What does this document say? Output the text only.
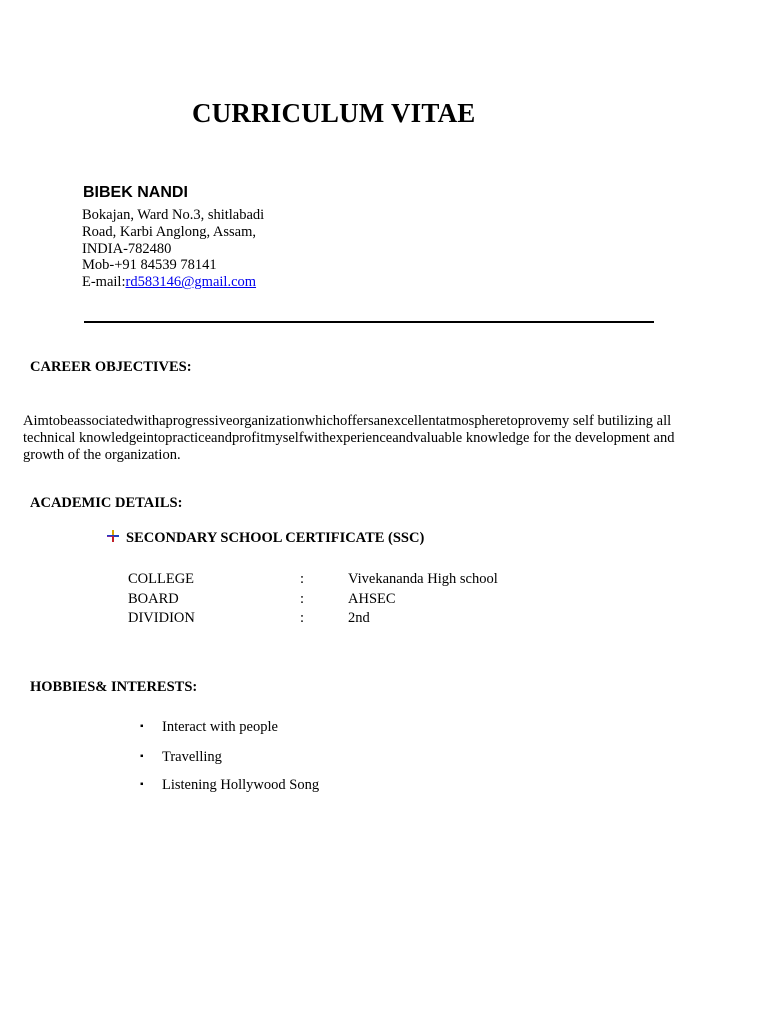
CURRICULUM VITAE
BIBEK NANDI
Bokajan, Ward No.3, shitlabadi
Road, Karbi Anglong, Assam,
INDIA-782480
Mob-+91 84539 78141
E-mail:rd583146@gmail.com
CAREER OBJECTIVES:
Aimtobeassociatedwithaprogressiveorganizationwhichoffersanexcellentatmospheretoprovemy self butilizing all
technical knowledgeintopracticeandprofitmyselfwithexperienceandvaluable knowledge for the development and
growth of the organization.
ACADEMIC DETAILS:
SECONDARY SCHOOL CERTIFICATE (SSC)
COLLEGE	:	Vivekananda High school
BOARD	:	AHSEC
DIVIDION	:	2nd
HOBBIES& INTERESTS:
▪ Interact with people
▪ Travelling
▪ Listening Hollywood Song
